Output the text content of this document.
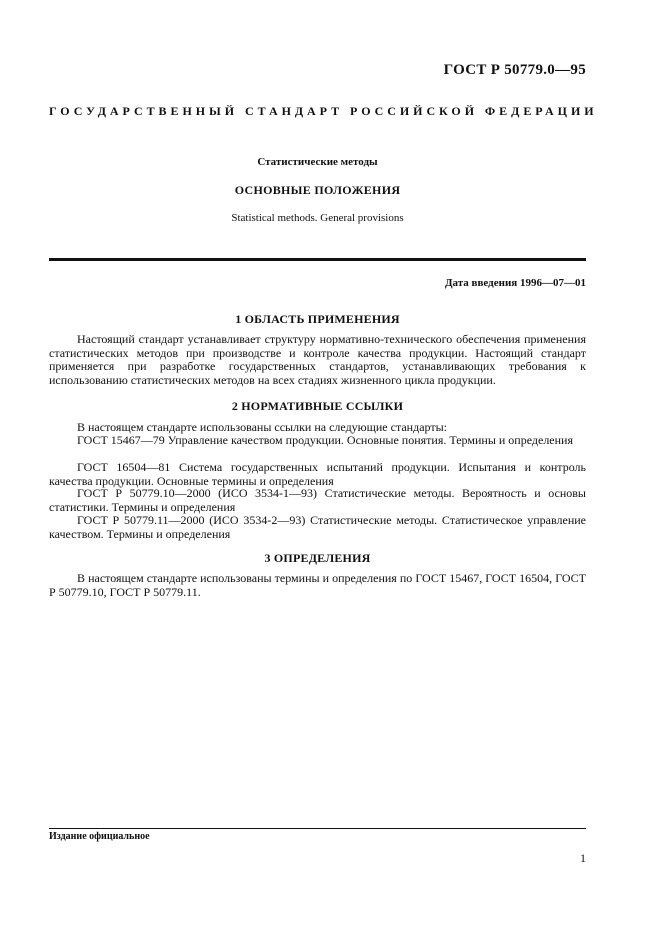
ГОСТ Р 50779.0—95
ГОСУДАРСТВЕННЫЙ СТАНДАРТ РОССИЙСКОЙ ФЕДЕРАЦИИ
Статистические методы
ОСНОВНЫЕ ПОЛОЖЕНИЯ
Statistical methods. General provisions
Дата введения 1996—07—01
1 ОБЛАСТЬ ПРИМЕНЕНИЯ
Настоящий стандарт устанавливает структуру нормативно-технического обеспечения применения статистических методов при производстве и контроле качества продукции. Настоящий стандарт применяется при разработке государственных стандартов, устанавливающих требования к использованию статистических методов на всех стадиях жизненного цикла продукции.
2 НОРМАТИВНЫЕ ССЫЛКИ
В настоящем стандарте использованы ссылки на следующие стандарты:
ГОСТ 15467—79 Управление качеством продукции. Основные понятия. Термины и определения
ГОСТ 16504—81 Система государственных испытаний продукции. Испытания и контроль качества продукции. Основные термины и определения
ГОСТ Р 50779.10—2000 (ИСО 3534-1—93) Статистические методы. Вероятность и основы статистики. Термины и определения
ГОСТ Р 50779.11—2000 (ИСО 3534-2—93) Статистические методы. Статистическое управление качеством. Термины и определения
3 ОПРЕДЕЛЕНИЯ
В настоящем стандарте использованы термины и определения по ГОСТ 15467, ГОСТ 16504, ГОСТ Р 50779.10, ГОСТ Р 50779.11.
Издание официальное
1
